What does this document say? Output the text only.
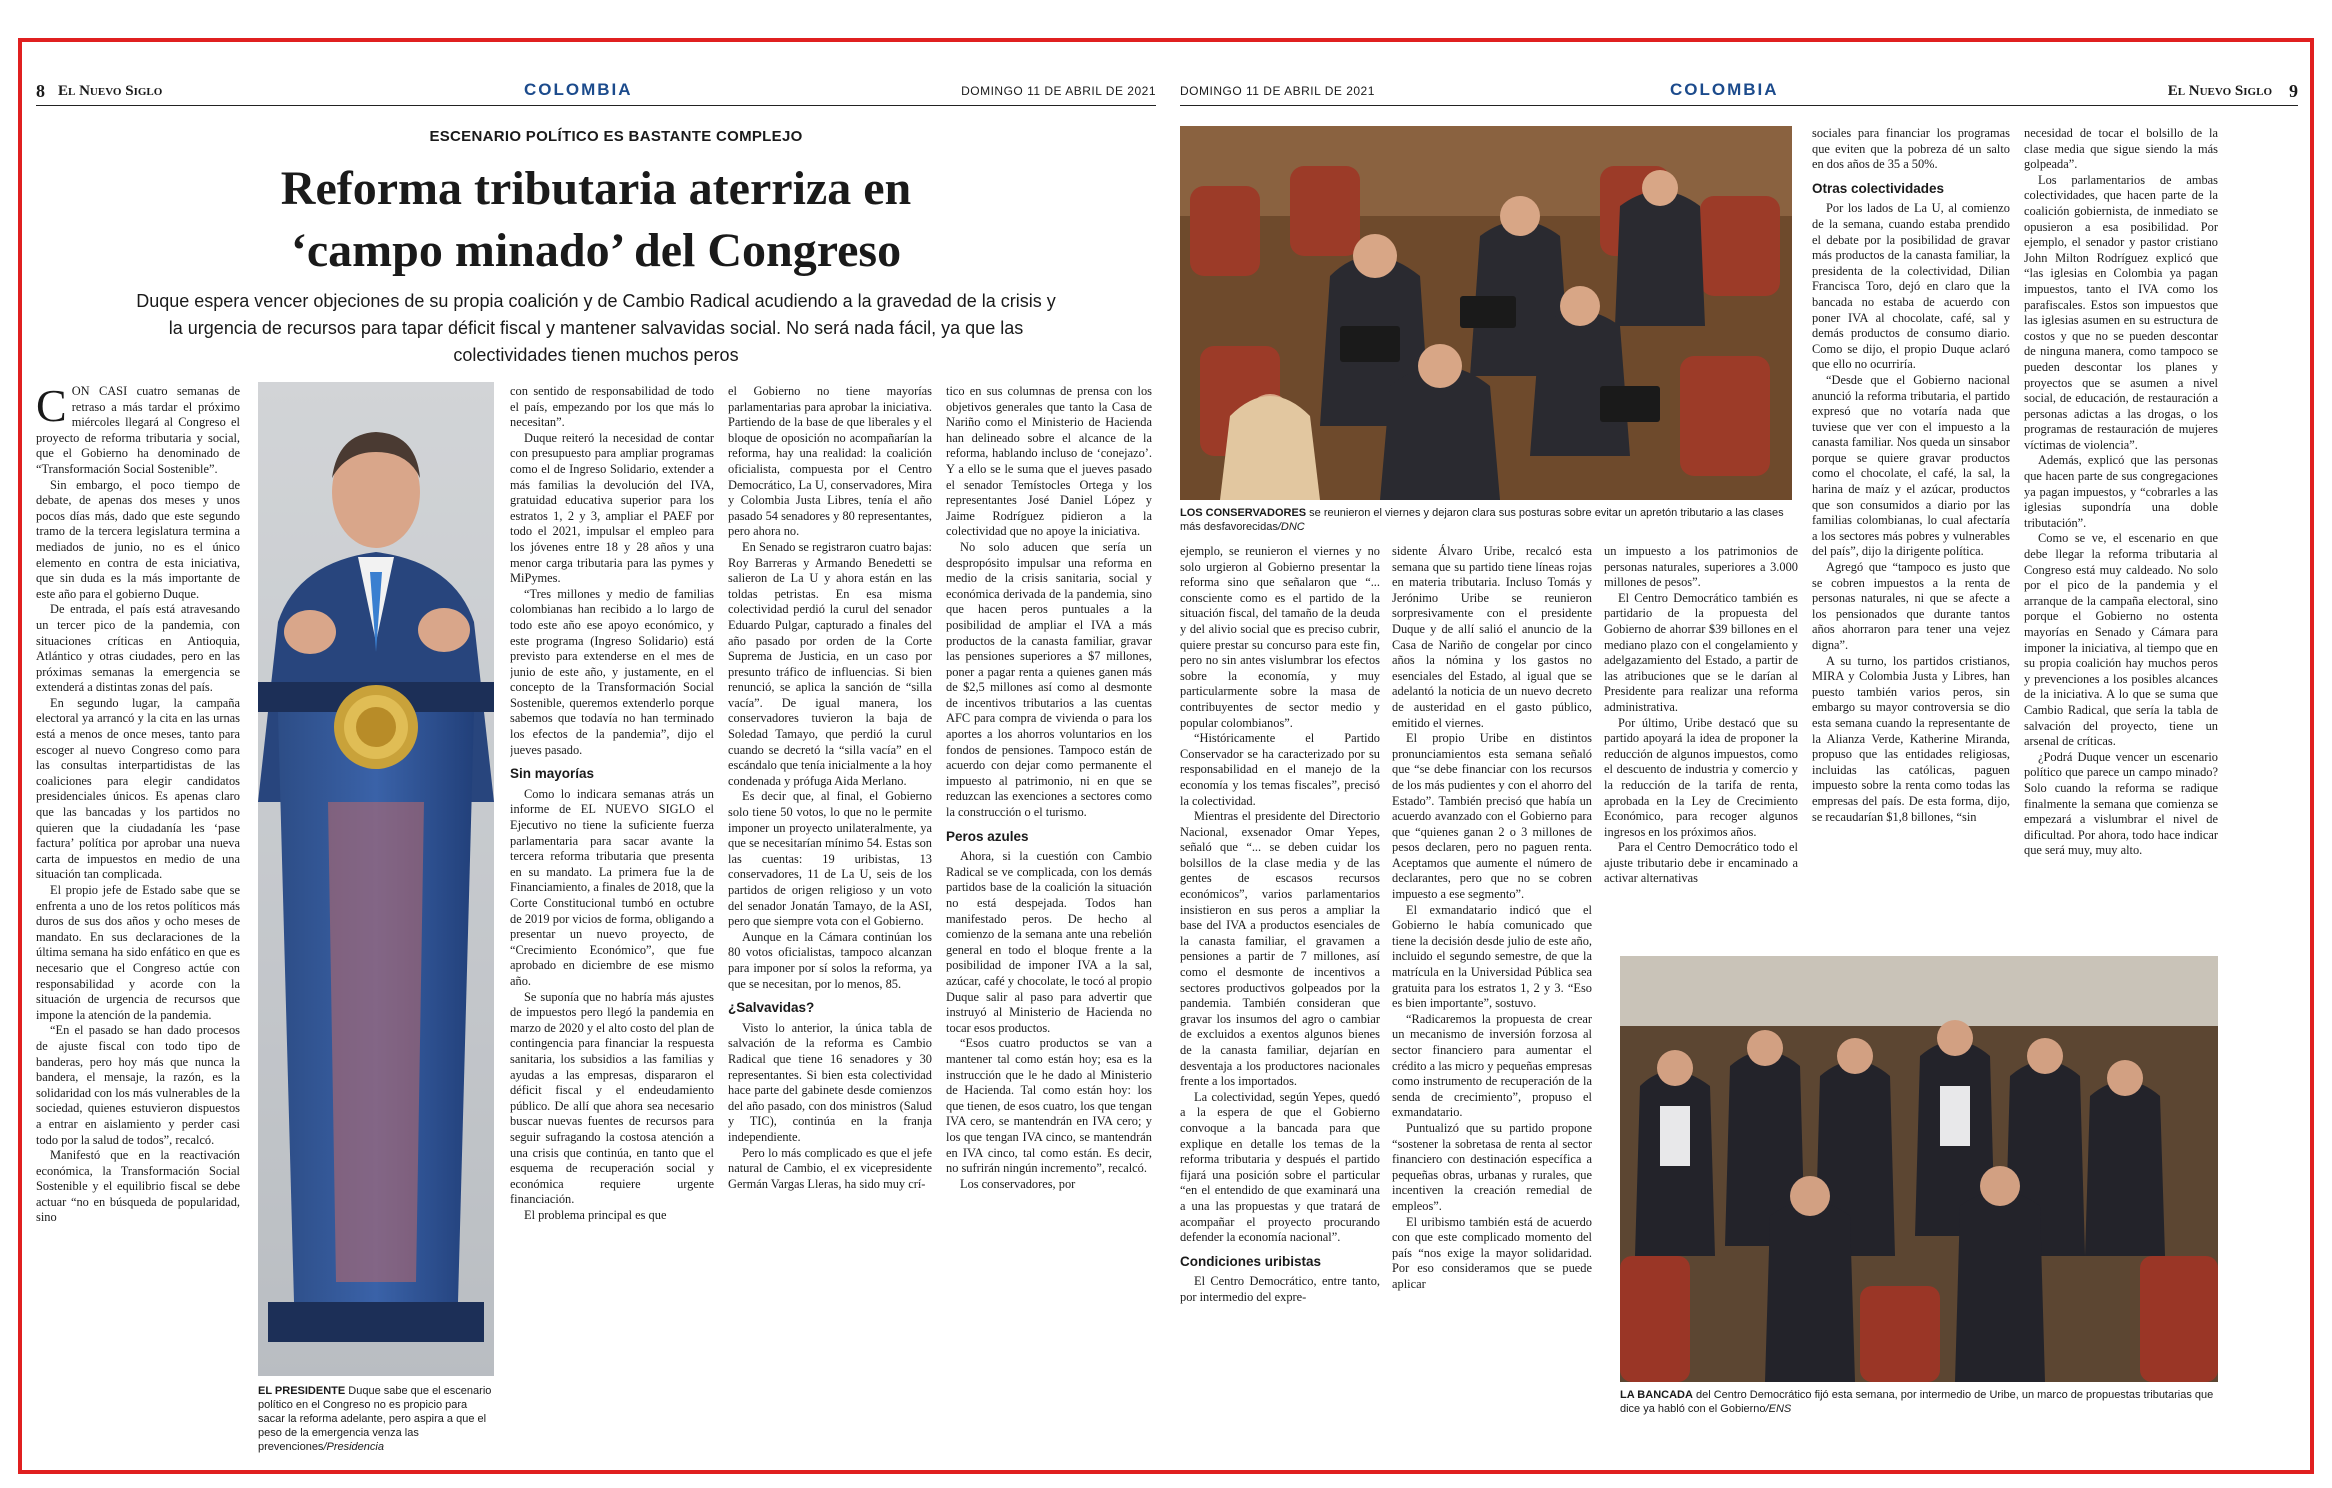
8 El Nuevo Siglo	COLOMBIA	DOMINGO 11 DE ABRIL DE 2021
ESCENARIO POLÍTICO ES BASTANTE COMPLEJO
Reforma tributaria aterriza en
‘campo minado’ del Congreso
Duque espera vencer objeciones de su propia coalición y de Cambio Radical acudiendo a la gravedad de la crisis y la urgencia de recursos para tapar déficit fiscal y mantener salvavidas social. No será nada fácil, ya que las colectividades tienen muchos peros

CON CASI cuatro semanas de retraso a más tardar el próximo miércoles llegará al Congreso el proyecto de reforma tributaria y social, que el Gobierno ha denominado de “Transformación Social Sostenible”.

Sin embargo, el poco tiempo de debate, de apenas dos meses y unos pocos días más, dado que este segundo tramo de la tercera legislatura termina a mediados de junio, no es el único elemento en contra de esta iniciativa, que sin duda es la más importante de este año para el gobierno Duque.

De entrada, el país está atravesando un tercer pico de la pandemia, con situaciones críticas en Antioquia, Atlántico y otras ciudades, pero en las próximas semanas la emergencia se extenderá a distintas zonas del país.

En segundo lugar, la campaña electoral ya arrancó y la cita en las urnas está a menos de once meses, tanto para escoger al nuevo Congreso como para las consultas interpartidistas de las coaliciones para elegir candidatos presidenciales únicos. Es apenas claro que las bancadas y los partidos no quieren que la ciudadanía les ‘pase factura’ política por aprobar una nueva carta de impuestos en medio de una situación tan complicada.

El propio jefe de Estado sabe que se enfrenta a uno de los retos políticos más duros de sus dos años y ocho meses de mandato. En sus declaraciones de la última semana ha sido enfático en que es necesario que el Congreso actúe con responsabilidad y acorde con la situación de urgencia de recursos que impone la atención de la pandemia.

“En el pasado se han dado procesos de ajuste fiscal con todo tipo de banderas, pero hoy más que nunca la bandera, el mensaje, la razón, es la solidaridad con los más vulnerables de la sociedad, quienes estuvieron dispuestos a entrar en aislamiento y perder casi todo por la salud de todos”, recalcó.

Manifestó que en la reactivación económica, la Transformación Social Sostenible y el equilibrio fiscal se debe actuar “no en búsqueda de popularidad, sino

EL PRESIDENTE Duque sabe que el escenario político en el Congreso no es propicio para sacar la reforma adelante, pero aspira a que el peso de la emergencia venza las prevenciones/Presidencia

con sentido de responsabilidad de todo el país, empezando por los que más lo necesitan”.

Duque reiteró la necesidad de contar con presupuesto para ampliar programas como el de Ingreso Solidario, extender a más familias la devolución del IVA, gratuidad educativa superior para los estratos 1, 2 y 3, ampliar el PAEF por todo el 2021, impulsar el empleo para los jóvenes entre 18 y 28 años y una menor carga tributaria para las pymes y MiPymes.

“Tres millones y medio de familias colombianas han recibido a lo largo de todo este año ese apoyo económico, y este programa (Ingreso Solidario) está previsto para extenderse en el mes de junio de este año, y justamente, en el concepto de la Transformación Social Sostenible, queremos extenderlo porque sabemos que todavía no han terminado los efectos de la pandemia”, dijo el jueves pasado.

Sin mayorías

Como lo indicara semanas atrás un informe de EL NUEVO SIGLO el Ejecutivo no tiene la suficiente fuerza parlamentaria para sacar avante la tercera reforma tributaria que presenta en su mandato. La primera fue la de Financiamiento, a finales de 2018, que la Corte Constitucional tumbó en octubre de 2019 por vicios de forma, obligando a presentar un nuevo proyecto, de “Crecimiento Económico”, que fue aprobado en diciembre de ese mismo año.

Se suponía que no habría más ajustes de impuestos pero llegó la pandemia en marzo de 2020 y el alto costo del plan de contingencia para financiar la respuesta sanitaria, los subsidios a las familias y ayudas a las empresas, dispararon el déficit fiscal y el endeudamiento público. De allí que ahora sea necesario buscar nuevas fuentes de recursos para seguir sufragando la costosa atención a una crisis que continúa, en tanto que el esquema de recuperación social y económica requiere urgente financiación.

El problema principal es que

el Gobierno no tiene mayorías parlamentarias para aprobar la iniciativa. Partiendo de la base de que liberales y el bloque de oposición no acompañarían la reforma, hay una realidad: la coalición oficialista, compuesta por el Centro Democrático, La U, conservadores, Mira y Colombia Justa Libres, tenía el año pasado 54 senadores y 80 representantes, pero ahora no.

En Senado se registraron cuatro bajas: Roy Barreras y Armando Benedetti se salieron de La U y ahora están en las toldas petristas. En esa misma colectividad perdió la curul del senador Eduardo Pulgar, capturado a finales del año pasado por orden de la Corte Suprema de Justicia, en un caso por presunto tráfico de influencias. Si bien renunció, se aplica la sanción de “silla vacía”. De igual manera, los conservadores tuvieron la baja de Soledad Tamayo, que perdió la curul cuando se decretó la “silla vacía” en el escándalo que tenía inicialmente a la hoy condenada y prófuga Aida Merlano.

Es decir que, al final, el Gobierno solo tiene 50 votos, lo que no le permite imponer un proyecto unilateralmente, ya que se necesitarían mínimo 54. Estas son las cuentas: 19 uribistas, 13 conservadores, 11 de La U, seis de los partidos de origen religioso y un voto del senador Jonatán Tamayo, de la ASI, pero que siempre vota con el Gobierno.

Aunque en la Cámara continúan los 80 votos oficialistas, tampoco alcanzan para imponer por sí solos la reforma, ya que se necesitan, por lo menos, 85.

¿Salvavidas?

Visto lo anterior, la única tabla de salvación de la reforma es Cambio Radical que tiene 16 senadores y 30 representantes. Si bien esta colectividad hace parte del gabinete desde comienzos del año pasado, con dos ministros (Salud y TIC), continúa en la franja independiente.

Pero lo más complicado es que el jefe natural de Cambio, el ex vicepresidente Germán Vargas Lleras, ha sido muy crí-

tico en sus columnas de prensa con los objetivos generales que tanto la Casa de Nariño como el Ministerio de Hacienda han delineado sobre el alcance de la reforma, hablando incluso de ‘conejazo’. Y a ello se le suma que el jueves pasado el senador Temístocles Ortega y los representantes José Daniel López y Jaime Rodríguez pidieron a la colectividad que no apoye la iniciativa.

No solo aducen que sería un despropósito impulsar una reforma en medio de la crisis sanitaria, social y económica derivada de la pandemia, sino que hacen peros puntuales a la posibilidad de ampliar el IVA a más productos de la canasta familiar, gravar las pensiones superiores a $7 millones, poner a pagar renta a quienes ganen más de $2,5 millones así como al desmonte de incentivos tributarios a las cuentas AFC para compra de vivienda o para los aportes a los ahorros voluntarios en los fondos de pensiones. Tampoco están de acuerdo con dejar como permanente el impuesto al patrimonio, ni en que se reduzcan las exenciones a sectores como la construcción o el turismo.

Peros azules

Ahora, si la cuestión con Cambio Radical se ve complicada, con los demás partidos base de la coalición la situación no está despejada. Todos han manifestado peros. De hecho al comienzo de la semana ante una rebelión general en todo el bloque frente a la posibilidad de imponer IVA a la sal, azúcar, café y chocolate, le tocó al propio Duque salir al paso para advertir que instruyó al Ministerio de Hacienda no tocar esos productos.

“Esos cuatro productos se van a mantener tal como están hoy; esa es la instrucción que le he dado al Ministerio de Hacienda. Tal como están hoy: los que tienen, de esos cuatro, los que tengan IVA cero, se mantendrán en IVA cero; y los que tengan IVA cinco, se mantendrán en IVA cinco, tal como están. Es decir, no sufrirán ningún incremento”, recalcó.

Los conservadores, por

DOMINGO 11 DE ABRIL DE 2021	COLOMBIA	El Nuevo Siglo 9
LOS CONSERVADORES se reunieron el viernes y dejaron clara sus posturas sobre evitar un apretón tributario a las clases más desfavorecidas/DNC

ejemplo, se reunieron el viernes y no solo urgieron al Gobierno presentar la reforma sino que señalaron que “... consciente como es el partido de la situación fiscal, del tamaño de la deuda y del alivio social que es preciso cubrir, quiere prestar su concurso para este fin, pero no sin antes vislumbrar los efectos sobre la economía, y muy particularmente sobre la masa de contribuyentes de sector medio y popular colombianos”.

“Históricamente el Partido Conservador se ha caracterizado por su responsabilidad en el manejo de la economía y los temas fiscales”, precisó la colectividad.

Mientras el presidente del Directorio Nacional, exsenador Omar Yepes, señaló que “... se deben cuidar los bolsillos de la clase media y de las gentes de escasos recursos económicos”, varios parlamentarios insistieron en sus peros a ampliar la base del IVA a productos esenciales de la canasta familiar, el gravamen a pensiones a partir de 7 millones, así como el desmonte de incentivos a sectores productivos golpeados por la pandemia. También consideran que gravar los insumos del agro o cambiar de excluidos a exentos algunos bienes de la canasta familiar, dejarían en desventaja a los productores nacionales frente a los importados.

La colectividad, según Yepes, quedó a la espera de que el Gobierno convoque a la bancada para que explique en detalle los temas de la reforma tributaria y después el partido fijará una posición sobre el particular “en el entendido de que examinará una a una las propuestas y que tratará de acompañar el proyecto procurando defender la economía nacional”.

Condiciones uribistas

El Centro Democrático, entre tanto, por intermedio del expre-

sidente Álvaro Uribe, recalcó esta semana que su partido tiene líneas rojas en materia tributaria. Incluso Tomás y Jerónimo Uribe se reunieron sorpresivamente con el presidente Duque y de allí salió el anuncio de la Casa de Nariño de congelar por cinco años la nómina y los gastos no esenciales del Estado, al igual que se adelantó la noticia de un nuevo decreto de austeridad en el gasto público, emitido el viernes.

El propio Uribe en distintos pronunciamientos esta semana señaló que “se debe financiar con los recursos de los más pudientes y con el ahorro del Estado”. También precisó que había un acuerdo avanzado con el Gobierno para que “quienes ganan 2 o 3 millones de pesos declaren, pero no paguen renta. Aceptamos que aumente el número de declarantes, pero que no se cobren impuesto a ese segmento”.

El exmandatario indicó que el Gobierno le había comunicado que tiene la decisión desde julio de este año, incluido el segundo semestre, de que la matrícula en la Universidad Pública sea gratuita para los estratos 1, 2 y 3. “Eso es bien importante”, sostuvo.

“Radicaremos la propuesta de crear un mecanismo de inversión forzosa al sector financiero para aumentar el crédito a las micro y pequeñas empresas como instrumento de recuperación de la senda de crecimiento”, propuso el exmandatario.

Puntualizó que su partido propone “sostener la sobretasa de renta al sector financiero con destinación específica a pequeñas obras, urbanas y rurales, que incentiven la creación remedial de empleos”.

El uribismo también está de acuerdo con que este complicado momento del país “nos exige la mayor solidaridad. Por eso consideramos que se puede aplicar

un impuesto a los patrimonios de personas naturales, superiores a 3.000 millones de pesos”.

El Centro Democrático también es partidario de la propuesta del Gobierno de ahorrar $39 billones en el mediano plazo con el congelamiento y adelgazamiento del Estado, a partir de las atribuciones que se le darían al Presidente para realizar una reforma administrativa.

Por último, Uribe destacó que su partido apoyará la idea de proponer la reducción de algunos impuestos, como el descuento de industria y comercio y la reducción de la tarifa de renta, aprobada en la Ley de Crecimiento Económico, para recoger algunos ingresos en los próximos años.

Para el Centro Democrático todo el ajuste tributario debe ir encaminado a activar alternativas

sociales para financiar los programas que eviten que la pobreza dé un salto en dos años de 35 a 50%.

Otras colectividades

Por los lados de La U, al comienzo de la semana, cuando estaba prendido el debate por la posibilidad de gravar más productos de la canasta familiar, la presidenta de la colectividad, Dilian Francisca Toro, dejó en claro que la bancada no estaba de acuerdo con poner IVA al chocolate, café, sal y demás productos de consumo diario. Como se dijo, el propio Duque aclaró que ello no ocurriría.

“Desde que el Gobierno nacional anunció la reforma tributaria, el partido expresó que no votaría nada que tuviese que ver con el impuesto a la canasta familiar. Nos queda un sinsabor porque se quiere gravar productos como el chocolate, el café, la sal, la harina de maíz y el azúcar, productos que son consumidos a diario por las familias colombianas, lo cual afectaría a los sectores más pobres y vulnerables del país”, dijo la dirigente política.

Agregó que “tampoco es justo que se cobren impuestos a la renta de personas naturales, ni que se afecte a los pensionados que durante tantos años ahorraron para tener una vejez digna”.

A su turno, los partidos cristianos, MIRA y Colombia Justa y Libres, han puesto también varios peros, sin embargo su mayor controversia se dio esta semana cuando la representante de la Alianza Verde, Katherine Miranda, propuso que las entidades religiosas, incluidas las católicas, paguen impuesto sobre la renta como todas las empresas del país. De esta forma, dijo, se recaudarían $1,8 billones, “sin

necesidad de tocar el bolsillo de la clase media que sigue siendo la más golpeada”.

Los parlamentarios de ambas colectividades, que hacen parte de la coalición gobiernista, de inmediato se opusieron a esa posibilidad. Por ejemplo, el senador y pastor cristiano John Milton Rodríguez explicó que “las iglesias en Colombia ya pagan impuestos, tanto el IVA como los parafiscales. Estos son impuestos que las iglesias asumen en su estructura de costos y que no se pueden descontar de ninguna manera, como tampoco se pueden descontar los planes y proyectos que se asumen a nivel social, de educación, de restauración a personas adictas a las drogas, o los programas de restauración de mujeres víctimas de violencia”.

Además, explicó que las personas que hacen parte de sus congregaciones ya pagan impuestos, y “cobrarles a las iglesias supondría una doble tributación”.

Como se ve, el escenario en que debe llegar la reforma tributaria al Congreso está muy caldeado. No solo por el pico de la pandemia y el arranque de la campaña electoral, sino porque el Gobierno no ostenta mayorías en Senado y Cámara para imponer la iniciativa, al tiempo que en su propia coalición hay muchos peros y prevenciones a los posibles alcances de la iniciativa. A lo que se suma que Cambio Radical, que sería la tabla de salvación del proyecto, tiene un arsenal de críticas.

¿Podrá Duque vencer un escenario político que parece un campo minado? Solo cuando la reforma se radique finalmente la semana que comienza se empezará a vislumbrar el nivel de dificultad. Por ahora, todo hace indicar que será muy, muy alto.

LA BANCADA del Centro Democrático fijó esta semana, por intermedio de Uribe, un marco de propuestas tributarias que dice ya habló con el Gobierno/ENS
